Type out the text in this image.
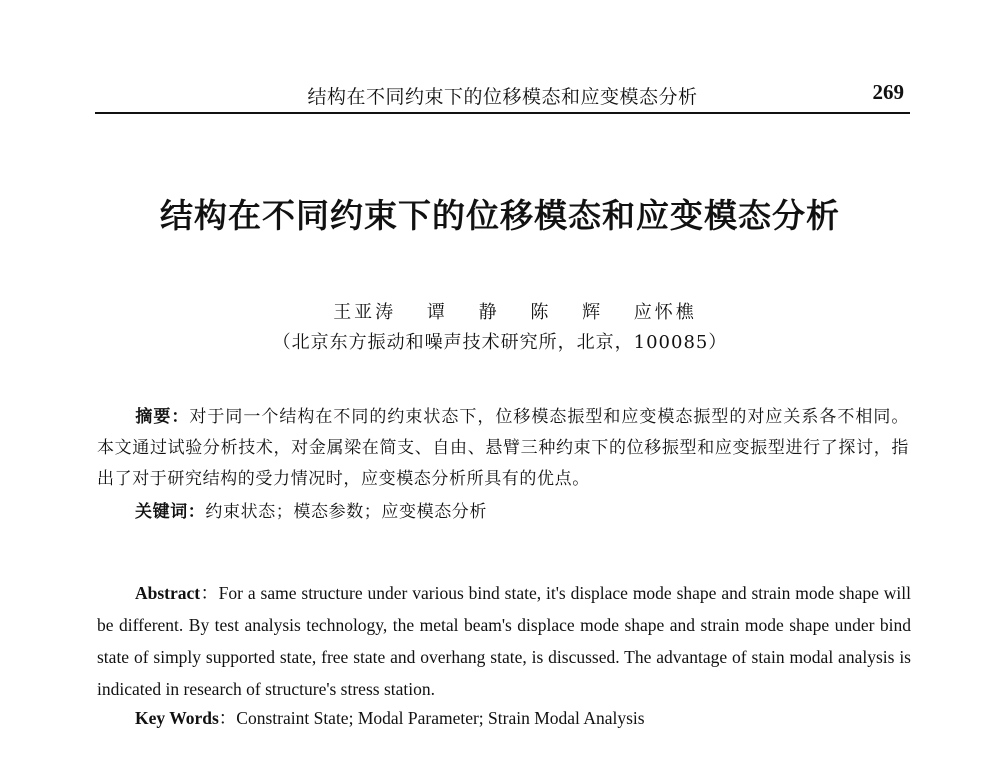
结构在不同约束下的位移模态和应变模态分析	269
结构在不同约束下的位移模态和应变模态分析
王亚涛 谭 静 陈 辉 应怀樵
（北京东方振动和噪声技术研究所，北京，100085）
摘要：对于同一个结构在不同的约束状态下，位移模态振型和应变模态振型的对应关系各不相同。本文通过试验分析技术，对金属梁在简支、自由、悬臂三种约束下的位移振型和应变振型进行了探讨，指出了对于研究结构的受力情况时，应变模态分析所具有的优点。
关键词：约束状态；模态参数；应变模态分析
Abstract：For a same structure under various bind state, it's displace mode shape and strain mode shape will be different. By test analysis technology, the metal beam's displace mode shape and strain mode shape under bind state of simply supported state, free state and overhang state, is discussed. The advantage of stain modal analysis is indicated in research of structure's stress station.
Key Words：Constraint State; Modal Parameter; Strain Modal Analysis
